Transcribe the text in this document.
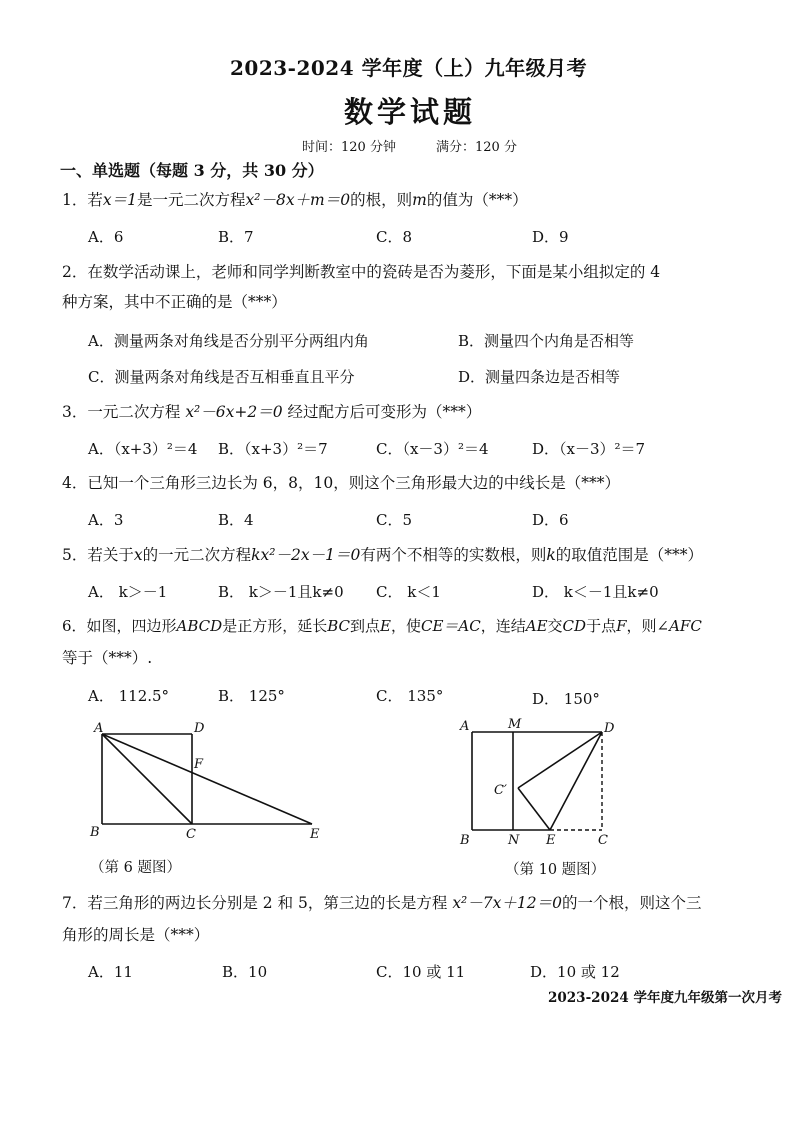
2023-2024 学年度（上）九年级月考
数学试题
时间：120 分钟	满分：120 分
一、单选题（每题 3 分，共 30 分）
1．若x＝1是一元二次方程x²－8x＋m＝0的根，则m的值为（***）
A．6	B．7	C．8	D．9
2．在数学活动课上，老师和同学判断教室中的瓷砖是否为菱形，下面是某小组拟定的 4
种方案，其中不正确的是（***）
A．测量两条对角线是否分别平分两组内角	B．测量四个内角是否相等
C．测量两条对角线是否互相垂直且平分	D．测量四条边是否相等
3．一元二次方程 x²－6x+2＝0 经过配方后可变形为（***）
A．（x+3）²＝4 B．（x+3）²＝7	C．（x－3）²＝4	D．（x－3）²＝7
4．已知一个三角形三边长为 6，8，10，则这个三角形最大边的中线长是（***）
A．3	B．4	C．5	D．6
5．若关于x的一元二次方程kx²－2x－1＝0有两个不相等的实数根，则k的取值范围是（***）
A． k＞－1	B． k＞－1且k≠0 C． k＜1	D． k＜－1且k≠0
6．如图，四边形ABCD是正方形，延长BC到点E，使CE＝AC，连结AE交CD于点F，则∠AFC
等于（***）.
A． 112.5°	B． 125°	C． 135°	D． 150°
A	D
F
B	C	E
（第 6 题图）
A	M	D
C′
B	N E	C
（第 10 题图）
7．若三角形的两边长分别是 2 和 5，第三边的长是方程 x²－7x＋12＝0的一个根，则这个三
角形的周长是（***）
A．11	B．10	C．10 或 11	D．10 或 12
2023-2024 学年度九年级第一次月考
